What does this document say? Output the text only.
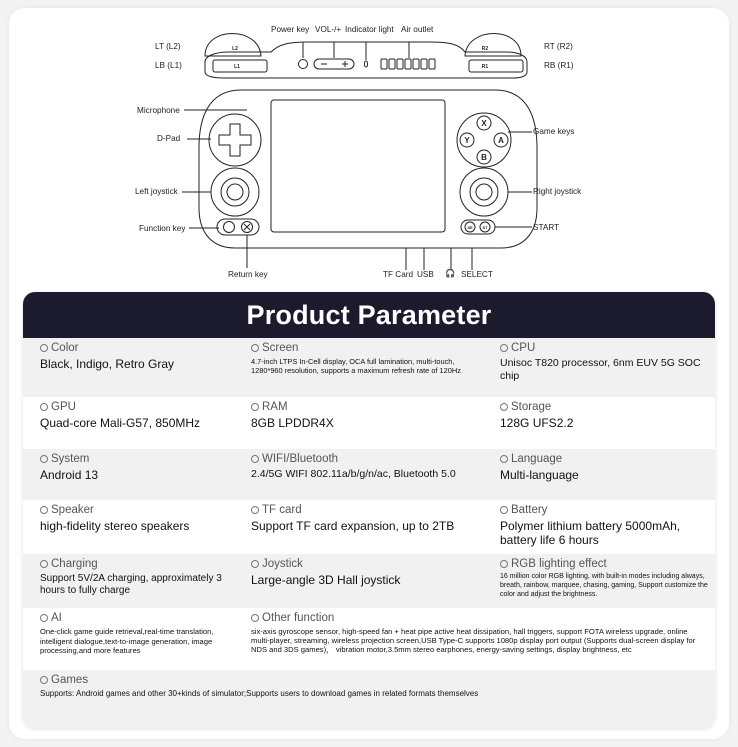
L2
L1
R2
R1
SE ST
X
B
Y	A
LT (L2)
LB (L1)
Power key VOL-/+ Indicator light Air outlet
RT (R2)
RB (R1)
Microphone
D-Pad
Game keys
Left joystick	Right joystick
Function key	START
Return key	TF Card USB 🎧 SELECT
Product Parameter
Color
Black, Indigo, Retro Gray
Screen
4.7-inch LTPS In-Cell display, OCA full lamination, multi-touch, 1280*960 resolution, supports a maximum refresh rate of 120Hz
CPU
Unisoc T820 processor, 6nm EUV 5G SOC chip
GPU
Quad-core Mali-G57, 850MHz
RAM
8GB LPDDR4X
Storage
128G UFS2.2
System
Android 13
WIFI/Bluetooth
2.4/5G WIFI 802.11a/b/g/n/ac, Bluetooth 5.0
Language
Multi-language
Speaker
high-fidelity stereo speakers
TF card
Support TF card expansion, up to 2TB
Battery
Polymer lithium battery 5000mAh, battery life 6 hours
Charging
Support 5V/2A charging, approximately 3 hours to fully charge
Joystick
Large-angle 3D Hall joystick
RGB lighting effect
16 million color RGB lighting, with built-in modes including always, breath, rainbow, marquee, chasing, gaming, Support customize the color and adjust the brightness.
AI
One-click game guide retrieval,real-time translation, intelligent dialogue,text-to-image generation, image processing,and more features
Other function
six-axis gyroscope sensor, high-speed fan + heat pipe active heat dissipation, hall triggers, support FOTA wireless upgrade, online multi-player, streaming, wireless projection screen,USB Type-C supports 1080p display port output (Supports dual-screen display for NDS and 3DS games)， vibration motor,3.5mm stereo earphones, energy-saving settings, display brightness, etc
Games
Supports: Android games and other 30+kinds of simulator;Supports users to download games in related formats themselves
